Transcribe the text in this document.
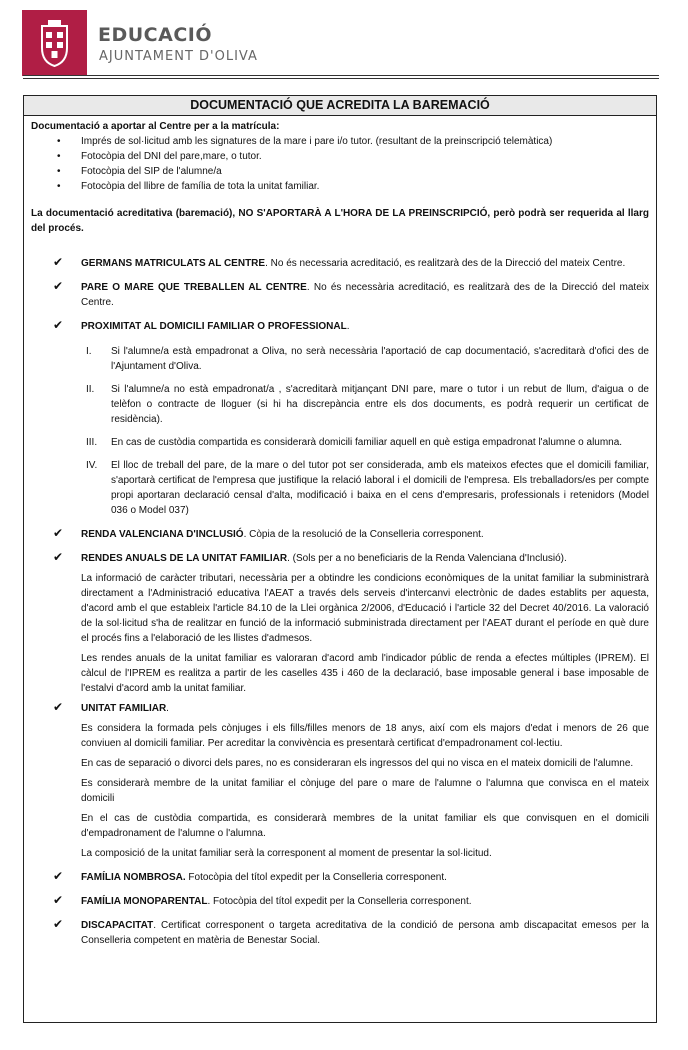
EDUCACIÓ
AJUNTAMENT D'OLIVA
DOCUMENTACIÓ QUE ACREDITA LA BAREMACIÓ
Documentació a aportar al Centre per a la matrícula:
• Imprés de sol·licitud amb les signatures de la mare i pare i/o tutor. (resultant de la preinscripció telemàtica)
• Fotocòpia del DNI del pare,mare, o tutor.
• Fotocòpia del SIP de l'alumne/a
• Fotocòpia del llibre de família de tota la unitat familiar.
La documentació acreditativa (baremació), NO S'APORTARÀ A L'HORA DE LA PREINSCRIPCIÓ, però podrà ser requerida al llarg del procés.
✔ GERMANS MATRICULATS AL CENTRE. No és necessaria acreditació, es realitzarà des de la Direcció del mateix Centre.
✔ PARE O MARE QUE TREBALLEN AL CENTRE. No és necessària acreditació, es realitzarà des de la Direcció del mateix Centre.
✔ PROXIMITAT AL DOMICILI FAMILIAR O PROFESSIONAL.
I.	Si l'alumne/a està empadronat a Oliva, no serà necessària l'aportació de cap documentació, s'acreditarà d'ofici des de l'Ajuntament d'Oliva.
II.	Si l'alumne/a no està empadronat/a , s'acreditarà mitjançant DNI pare, mare o tutor i un rebut de llum, d'aigua o de telèfon o contracte de lloguer (si hi ha discrepància entre els dos documents, es podrà requerir un certificat de residència).
III.	En cas de custòdia compartida es considerarà domicili familiar aquell en què estiga empadronat l'alumne o alumna.
IV.	El lloc de treball del pare, de la mare o del tutor pot ser considerada, amb els mateixos efectes que el domicili familiar, s'aportarà certificat de l'empresa que justifique la relació laboral i el domicili de l'empresa. Els treballadors/es per compte propi aportaran declaració censal d'alta, modificació i baixa en el cens d'empresaris, professionals i retenidors (Model 036 o Model 037)
✔ RENDA VALENCIANA D'INCLUSIÓ. Còpia de la resolució de la Conselleria corresponent.
✔ RENDES ANUALS DE LA UNITAT FAMILIAR. (Sols per a no beneficiaris de la Renda Valenciana d'Inclusió).
La informació de caràcter tributari, necessària per a obtindre les condicions econòmiques de la unitat familiar la subministrarà directament a l'Administració educativa l'AEAT a través dels serveis d'intercanvi electrònic de dades establits per aquesta, d'acord amb el que estableix l'article 84.10 de la Llei orgànica 2/2006, d'Educació i l'article 32 del Decret 40/2016. La valoració de la sol·licitud s'ha de realitzar en funció de la informació subministrada directament per l'AEAT durant el període en què dure el procés fins a l'elaboració de les llistes d'admesos.
Les rendes anuals de la unitat familiar es valoraran d'acord amb l'indicador públic de renda a efectes múltiples (IPREM). El càlcul de l'IPREM es realitza a partir de les caselles 435 i 460 de la declaració, base imposable general i base imposable de l'estalvi d'acord amb la unitat familiar.
✔ UNITAT FAMILIAR.
Es considera la formada pels cònjuges i els fills/filles menors de 18 anys, així com els majors d'edat i menors de 26 que conviuen al domicili familiar. Per acreditar la convivència es presentarà certificat d'empadronament col·lectiu.
En cas de separació o divorci dels pares, no es consideraran els ingressos del qui no visca en el mateix domicili de l'alumne.
Es considerarà membre de la unitat familiar el cònjuge del pare o mare de l'alumne o l'alumna que convisca en el mateix domicili
En el cas de custòdia compartida, es considerarà membres de la unitat familiar els que convisquen en el domicili d'empadronament de l'alumne o l'alumna.
La composició de la unitat familiar serà la corresponent al moment de presentar la sol·licitud.
✔ FAMÍLIA NOMBROSA. Fotocòpia del títol expedit per la Conselleria corresponent.
✔ FAMÍLIA MONOPARENTAL. Fotocòpia del títol expedit per la Conselleria corresponent.
✔ DISCAPACITAT. Certificat corresponent o targeta acreditativa de la condició de persona amb discapacitat emesos per la Conselleria competent en matèria de Benestar Social.
